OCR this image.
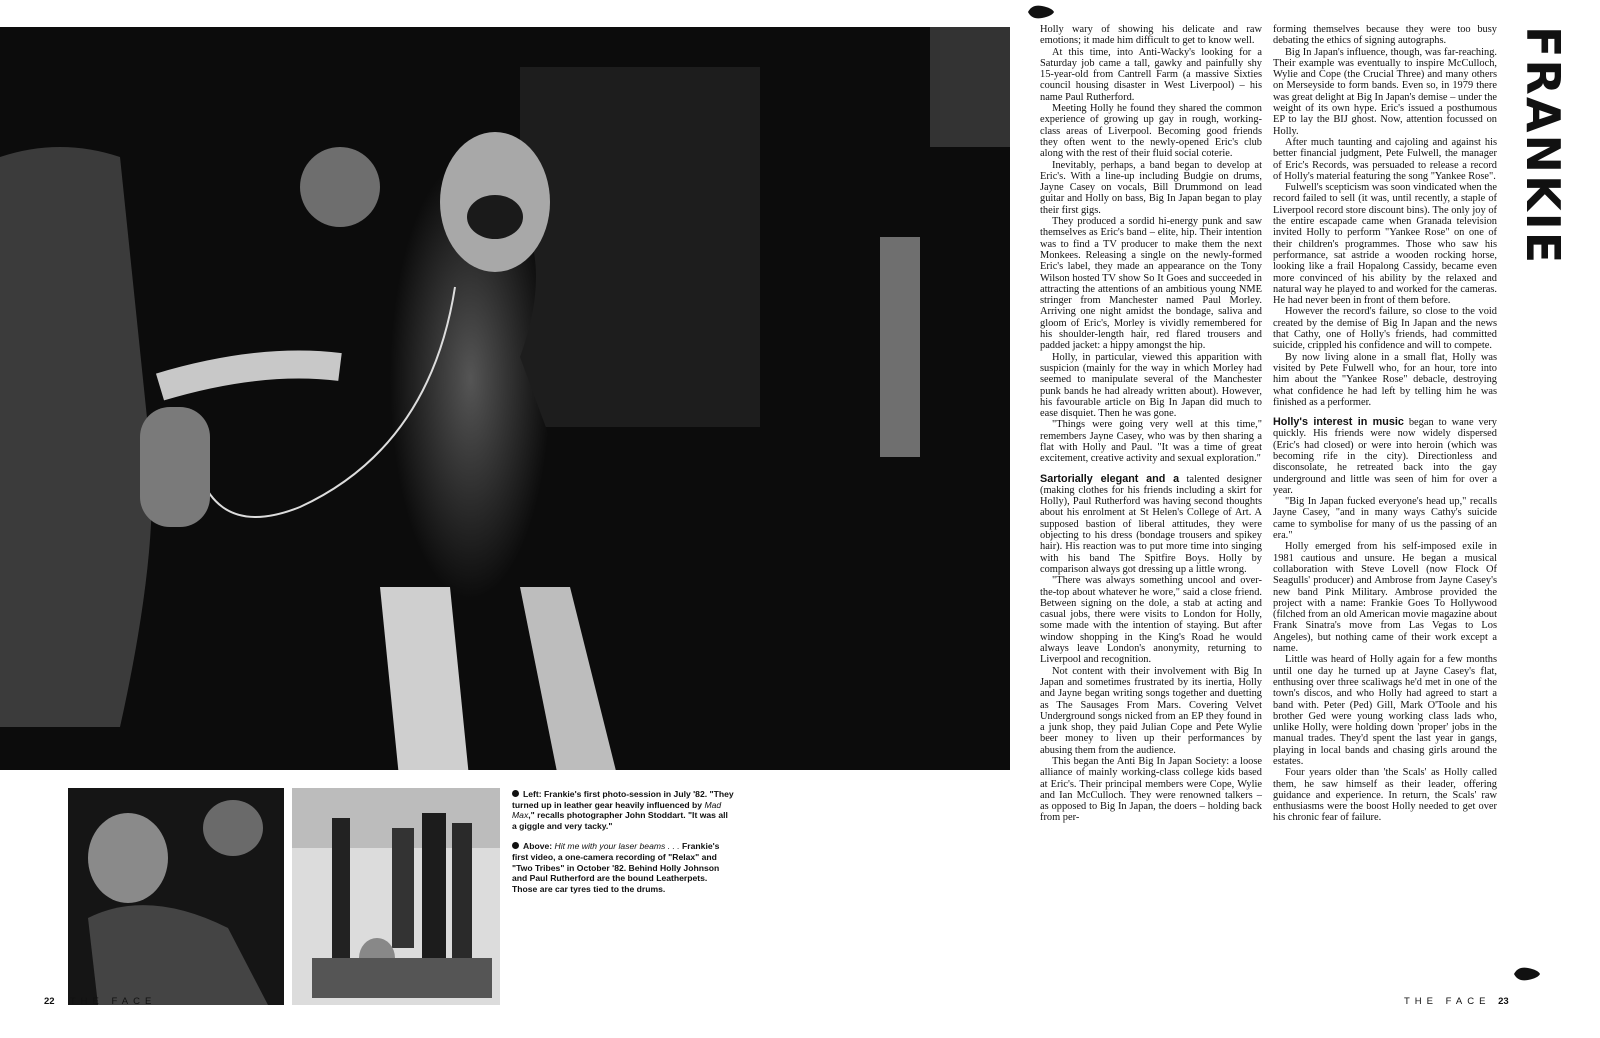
Left: Frankie's first photo-session in July '82. "They turned up in leather gear heavily influenced by Mad Max," recalls photographer John Stoddart. "It was all a giggle and very tacky."

Above: Hit me with your laser beams . . . Frankie's first video, a one-camera recording of "Relax" and "Two Tribes" in October '82. Behind Holly Johnson and Paul Rutherford are the bound Leatherpets. Those are car tyres tied to the drums.

22 THE FACE

Holly wary of showing his delicate and raw emotions; it made him difficult to get to know well.

At this time, into Anti-Wacky's looking for a Saturday job came a tall, gawky and painfully shy 15-year-old from Cantrell Farm (a massive Sixties council housing disaster in West Liverpool) – his name Paul Rutherford.

Meeting Holly he found they shared the common experience of growing up gay in rough, working-class areas of Liverpool. Becoming good friends they often went to the newly-opened Eric's club along with the rest of their fluid social coterie.

Inevitably, perhaps, a band began to develop at Eric's. With a line-up including Budgie on drums, Jayne Casey on vocals, Bill Drummond on lead guitar and Holly on bass, Big In Japan began to play their first gigs.

They produced a sordid hi-energy punk and saw themselves as Eric's band – elite, hip. Their intention was to find a TV producer to make them the next Monkees. Releasing a single on the newly-formed Eric's label, they made an appearance on the Tony Wilson hosted TV show So It Goes and succeeded in attracting the attentions of an ambitious young NME stringer from Manchester named Paul Morley. Arriving one night amidst the bondage, saliva and gloom of Eric's, Morley is vividly remembered for his shoulder-length hair, red flared trousers and padded jacket: a hippy amongst the hip.

Holly, in particular, viewed this apparition with suspicion (mainly for the way in which Morley had seemed to manipulate several of the Manchester punk bands he had already written about). However, his favourable article on Big In Japan did much to ease disquiet. Then he was gone.

"Things were going very well at this time," remembers Jayne Casey, who was by then sharing a flat with Holly and Paul. "It was a time of great excitement, creative activity and sexual exploration."

Sartorially elegant and a talented designer (making clothes for his friends including a skirt for Holly), Paul Rutherford was having second thoughts about his enrolment at St Helen's College of Art. A supposed bastion of liberal attitudes, they were objecting to his dress (bondage trousers and spikey hair). His reaction was to put more time into singing with his band The Spitfire Boys. Holly by comparison always got dressing up a little wrong.

"There was always something uncool and over-the-top about whatever he wore," said a close friend. Between signing on the dole, a stab at acting and casual jobs, there were visits to London for Holly, some made with the intention of staying. But after window shopping in the King's Road he would always leave London's anonymity, returning to Liverpool and recognition.

Not content with their involvement with Big In Japan and sometimes frustrated by its inertia, Holly and Jayne began writing songs together and duetting as The Sausages From Mars. Covering Velvet Underground songs nicked from an EP they found in a junk shop, they paid Julian Cope and Pete Wylie beer money to liven up their performances by abusing them from the audience.

This began the Anti Big In Japan Society: a loose alliance of mainly working-class college kids based at Eric's. Their principal members were Cope, Wylie and Ian McCulloch. They were renowned talkers – as opposed to Big In Japan, the doers – holding back from per-

forming themselves because they were too busy debating the ethics of signing autographs.

Big In Japan's influence, though, was far-reaching. Their example was eventually to inspire McCulloch, Wylie and Cope (the Crucial Three) and many others on Merseyside to form bands. Even so, in 1979 there was great delight at Big In Japan's demise – under the weight of its own hype. Eric's issued a posthumous EP to lay the BIJ ghost. Now, attention focussed on Holly.

After much taunting and cajoling and against his better financial judgment, Pete Fulwell, the manager of Eric's Records, was persuaded to release a record of Holly's material featuring the song "Yankee Rose".

Fulwell's scepticism was soon vindicated when the record failed to sell (it was, until recently, a staple of Liverpool record store discount bins). The only joy of the entire escapade came when Granada television invited Holly to perform "Yankee Rose" on one of their children's programmes. Those who saw his performance, sat astride a wooden rocking horse, looking like a frail Hopalong Cassidy, became even more convinced of his ability by the relaxed and natural way he played to and worked for the cameras. He had never been in front of them before.

However the record's failure, so close to the void created by the demise of Big In Japan and the news that Cathy, one of Holly's friends, had committed suicide, crippled his confidence and will to compete.

By now living alone in a small flat, Holly was visited by Pete Fulwell who, for an hour, tore into him about the "Yankee Rose" debacle, destroying what confidence he had left by telling him he was finished as a performer.

Holly's interest in music began to wane very quickly. His friends were now widely dispersed (Eric's had closed) or were into heroin (which was becoming rife in the city). Directionless and disconsolate, he retreated back into the gay underground and little was seen of him for over a year.

"Big In Japan fucked everyone's head up," recalls Jayne Casey, "and in many ways Cathy's suicide came to symbolise for many of us the passing of an era."

Holly emerged from his self-imposed exile in 1981 cautious and unsure. He began a musical collaboration with Steve Lovell (now Flock Of Seagulls' producer) and Ambrose from Jayne Casey's new band Pink Military. Ambrose provided the project with a name: Frankie Goes To Hollywood (filched from an old American movie magazine about Frank Sinatra's move from Las Vegas to Los Angeles), but nothing came of their work except a name.

Little was heard of Holly again for a few months until one day he turned up at Jayne Casey's flat, enthusing over three scaliwags he'd met in one of the town's discos, and who Holly had agreed to start a band with. Peter (Ped) Gill, Mark O'Toole and his brother Ged were young working class lads who, unlike Holly, were holding down 'proper' jobs in the manual trades. They'd spent the last year in gangs, playing in local bands and chasing girls around the estates.

Four years older than 'the Scals' as Holly called them, he saw himself as their leader, offering guidance and experience. In return, the Scals' raw enthusiasms were the boost Holly needed to get over his chronic fear of failure.

FRANKIE
THE FACE 23
